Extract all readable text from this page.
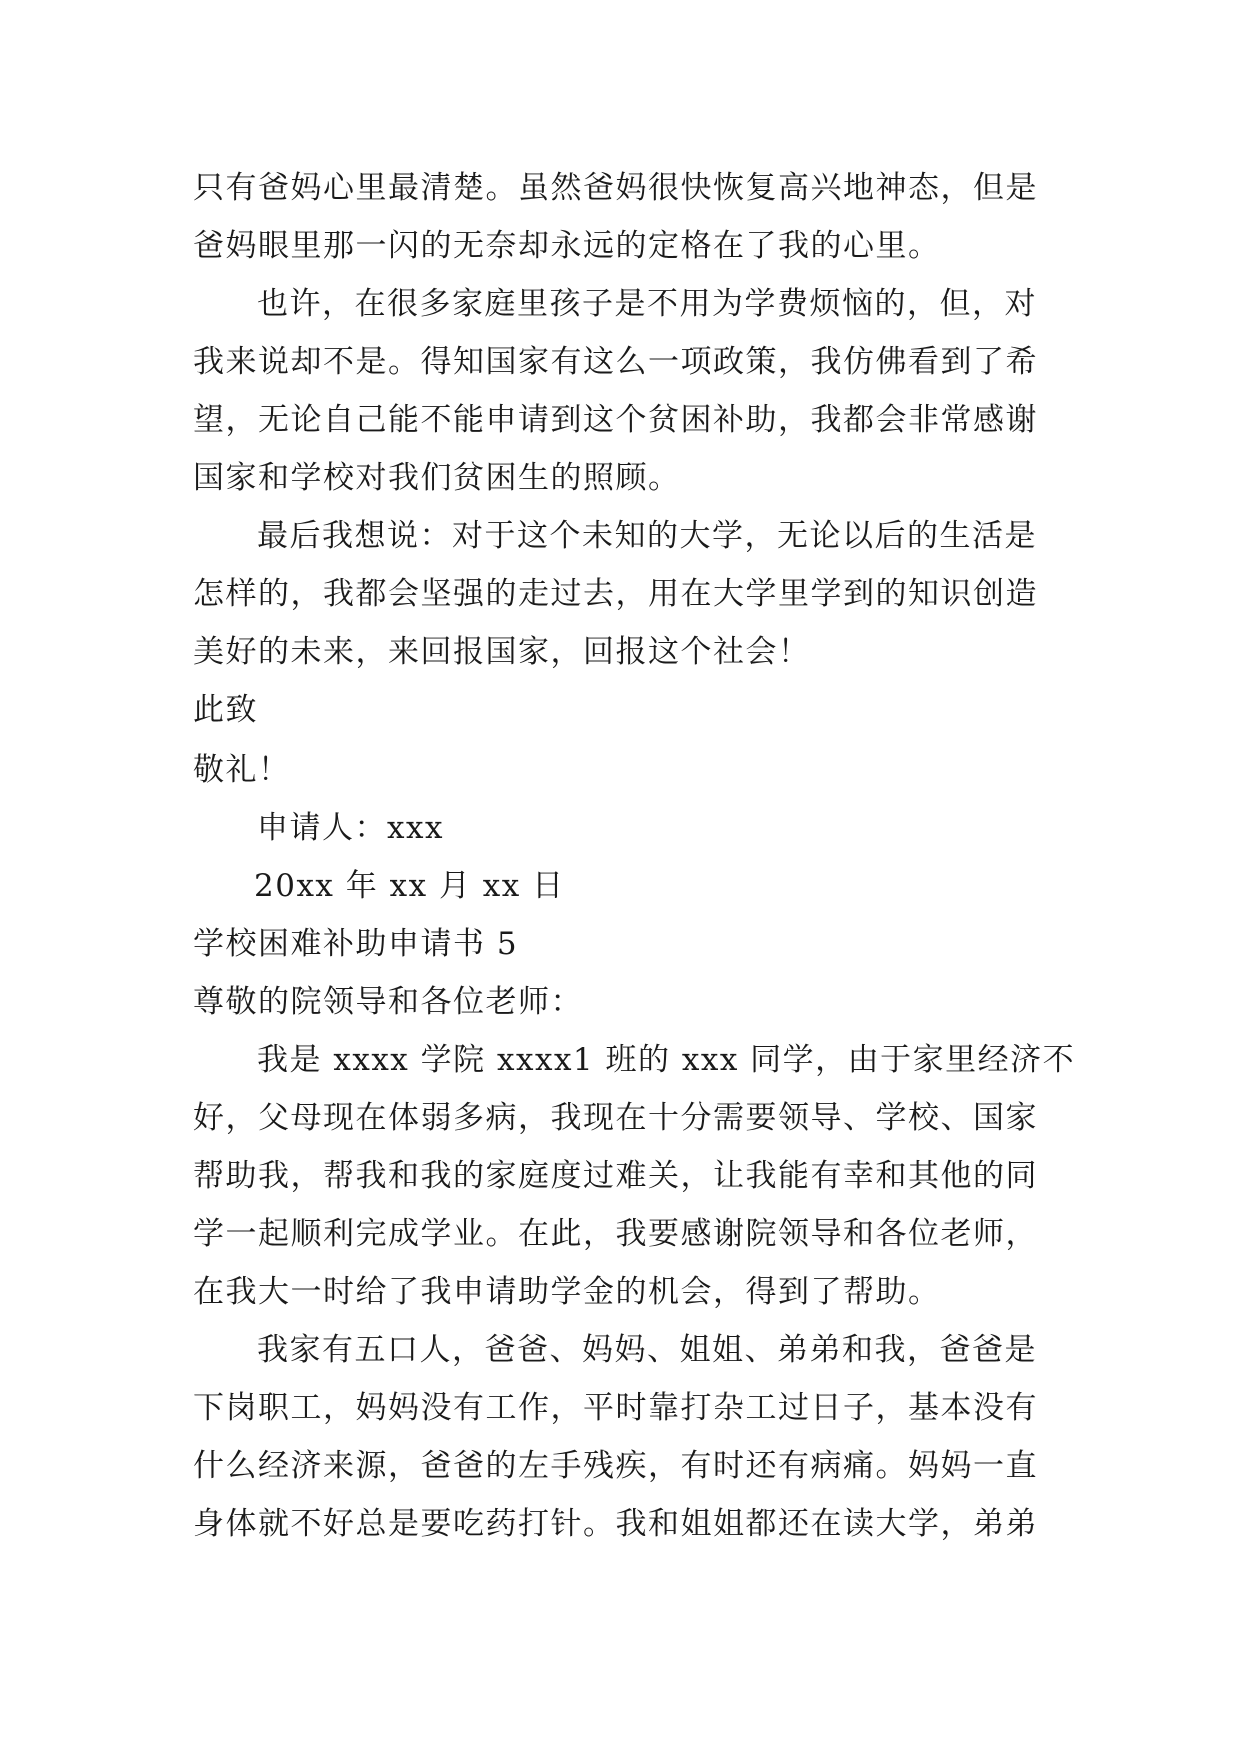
只有爸妈心里最清楚。虽然爸妈很快恢复高兴地神态，但是
爸妈眼里那一闪的无奈却永远的定格在了我的心里。
也许，在很多家庭里孩子是不用为学费烦恼的，但，对
我来说却不是。得知国家有这么一项政策，我仿佛看到了希
望，无论自己能不能申请到这个贫困补助，我都会非常感谢
国家和学校对我们贫困生的照顾。
最后我想说：对于这个未知的大学，无论以后的生活是
怎样的，我都会坚强的走过去，用在大学里学到的知识创造
美好的未来，来回报国家，回报这个社会！
此致
敬礼！
申请人：xxx
20xx 年 xx 月 xx 日
学校困难补助申请书 5
尊敬的院领导和各位老师：
我是 xxxx 学院 xxxx1 班的 xxx 同学，由于家里经济不
好，父母现在体弱多病，我现在十分需要领导、学校、国家
帮助我，帮我和我的家庭度过难关，让我能有幸和其他的同
学一起顺利完成学业。在此，我要感谢院领导和各位老师，
在我大一时给了我申请助学金的机会，得到了帮助。
我家有五口人，爸爸、妈妈、姐姐、弟弟和我，爸爸是
下岗职工，妈妈没有工作，平时靠打杂工过日子，基本没有
什么经济来源，爸爸的左手残疾，有时还有病痛。妈妈一直
身体就不好总是要吃药打针。我和姐姐都还在读大学，弟弟
